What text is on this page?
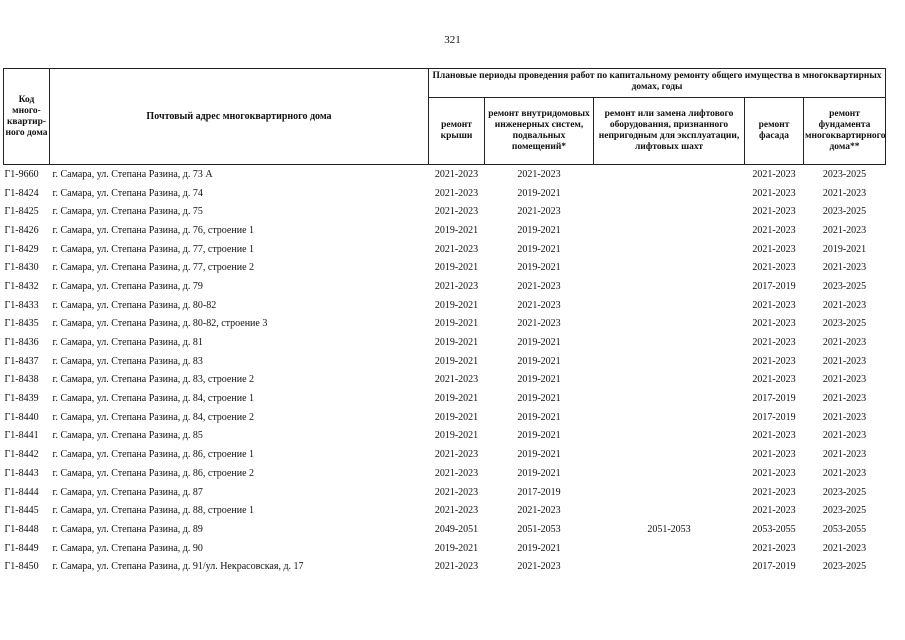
321
Код много-квартир-ного дома	Почтовый адрес многоквартирного дома	Плановые периоды проведения работ по капитальному ремонту общего имущества в многоквартирных домах, годы				
		ремонт крыши	ремонт внутридомовых инженерных систем, подвальных помещений*	ремонт или замена лифтового оборудования, признанного непригодным для эксплуатации, лифтовых шахт	ремонт фасада	ремонт фундамента многоквартирного дома**
Г1-9660	г. Самара, ул. Степана Разина, д. 73 А	2021-2023	2021-2023		2021-2023	2023-2025
Г1-8424	г. Самара, ул. Степана Разина, д. 74	2021-2023	2019-2021		2021-2023	2021-2023
Г1-8425	г. Самара, ул. Степана Разина, д. 75	2021-2023	2021-2023		2021-2023	2023-2025
Г1-8426	г. Самара, ул. Степана Разина, д. 76, строение 1	2019-2021	2019-2021		2021-2023	2021-2023
Г1-8429	г. Самара, ул. Степана Разина, д. 77, строение 1	2021-2023	2019-2021		2021-2023	2019-2021
Г1-8430	г. Самара, ул. Степана Разина, д. 77, строение 2	2019-2021	2019-2021		2021-2023	2021-2023
Г1-8432	г. Самара, ул. Степана Разина, д. 79	2021-2023	2021-2023		2017-2019	2023-2025
Г1-8433	г. Самара, ул. Степана Разина, д. 80-82	2019-2021	2021-2023		2021-2023	2021-2023
Г1-8435	г. Самара, ул. Степана Разина, д. 80-82, строение 3	2019-2021	2021-2023		2021-2023	2023-2025
Г1-8436	г. Самара, ул. Степана Разина, д. 81	2019-2021	2019-2021		2021-2023	2021-2023
Г1-8437	г. Самара, ул. Степана Разина, д. 83	2019-2021	2019-2021		2021-2023	2021-2023
Г1-8438	г. Самара, ул. Степана Разина, д. 83, строение 2	2021-2023	2019-2021		2021-2023	2021-2023
Г1-8439	г. Самара, ул. Степана Разина, д. 84, строение 1	2019-2021	2019-2021		2017-2019	2021-2023
Г1-8440	г. Самара, ул. Степана Разина, д. 84, строение 2	2019-2021	2019-2021		2017-2019	2021-2023
Г1-8441	г. Самара, ул. Степана Разина, д. 85	2019-2021	2019-2021		2021-2023	2021-2023
Г1-8442	г. Самара, ул. Степана Разина, д. 86, строение 1	2021-2023	2019-2021		2021-2023	2021-2023
Г1-8443	г. Самара, ул. Степана Разина, д. 86, строение 2	2021-2023	2019-2021		2021-2023	2021-2023
Г1-8444	г. Самара, ул. Степана Разина, д. 87	2021-2023	2017-2019		2021-2023	2023-2025
Г1-8445	г. Самара, ул. Степана Разина, д. 88, строение 1	2021-2023	2021-2023		2021-2023	2023-2025
Г1-8448	г. Самара, ул. Степана Разина, д. 89	2049-2051	2051-2053	2051-2053	2053-2055	2053-2055
Г1-8449	г. Самара, ул. Степана Разина, д. 90	2019-2021	2019-2021		2021-2023	2021-2023
Г1-8450	г. Самара, ул. Степана Разина, д. 91/ул. Некрасовская, д. 17	2021-2023	2021-2023		2017-2019	2023-2025
